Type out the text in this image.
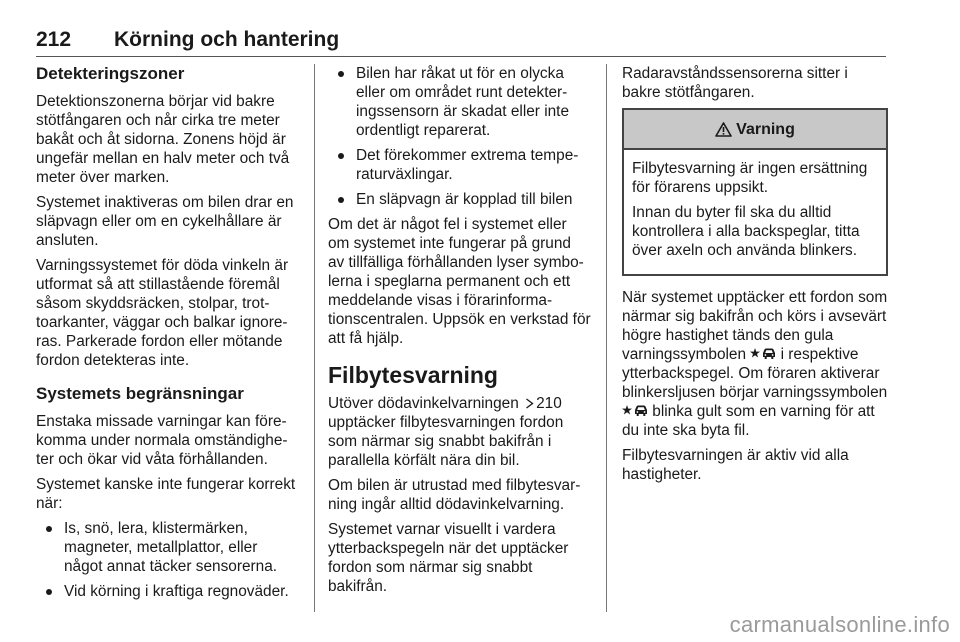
212 Körning och hantering
Detekteringszoner

Detektionszonerna börjar vid bakre stötfångaren och når cirka tre meter bakåt och åt sidorna. Zonens höjd är ungefär mellan en halv meter och två meter över marken.

Systemet inaktiveras om bilen drar en släpvagn eller om en cykelhållare är ansluten.

Varningssystemet för döda vinkeln är utformat så att stillastående föremål såsom skyddsräcken, stolpar, trottoarkanter, väggar och balkar ignoreras. Parkerade fordon eller mötande fordon detekteras inte.

Systemets begränsningar

Enstaka missade varningar kan förekomma under normala omständigheter och ökar vid våta förhållanden.

Systemet kanske inte fungerar korrekt när:

Is, snö, lera, klistermärken, magneter, metallplattor, eller något annat täcker sensorerna.
Vid körning i kraftiga regnoväder.
Bilen har råkat ut för en olycka eller om området runt detekteringssensorn är skadat eller inte ordentligt reparerat.
Det förekommer extrema temperaturväxlingar.
En släpvagn är kopplad till bilen

Om det är något fel i systemet eller om systemet inte fungerar på grund av tillfälliga förhållanden lyser symbolerna i speglarna permanent och ett meddelande visas i förarinformationscentralen. Uppsök en verkstad för att få hjälp.

Filbytesvarning

Utöver dödavinkelvarningen 210 upptäcker filbytesvarningen fordon som närmar sig snabbt bakifrån i parallella körfält nära din bil.

Om bilen är utrustad med filbytesvarning ingår alltid dödavinkelvarning.

Systemet varnar visuellt i vardera ytterbackspegeln när det upptäcker fordon som närmar sig snabbt bakifrån.

Radaravståndssensorerna sitter i bakre stötfångaren.

Varning

Filbytesvarning är ingen ersättning för förarens uppsikt.

Innan du byter fil ska du alltid kontrollera i alla backspeglar, titta över axeln och använda blinkers.

När systemet upptäcker ett fordon som närmar sig bakifrån och körs i avsevärt högre hastighet tänds den gula varningssymbolen  i respektive ytterbackspegel. Om föraren aktiverar blinkersljusen börjar varningssymbolen  blinka gult som en varning för att du inte ska byta fil.

Filbytesvarningen är aktiv vid alla hastigheter.

carmanualsonline.info
